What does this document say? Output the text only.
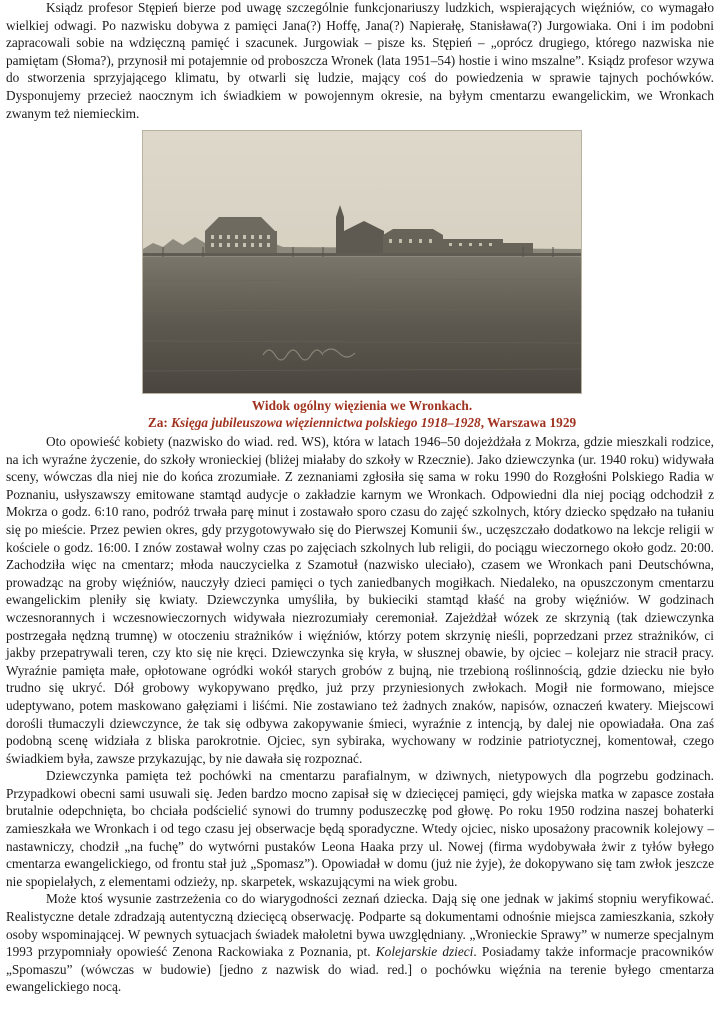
Ksiądz profesor Stępień bierze pod uwagę szczególnie funkcjonariuszy ludzkich, wspierających więźniów, co wymagało wielkiej odwagi. Po nazwisku dobywa z pamięci Jana(?) Hoffę, Jana(?) Napierałę, Stanisława(?) Jurgowiaka. Oni i im podobni zapracowali sobie na wdzięczną pamięć i szacunek. Jurgowiak – pisze ks. Stępień – „oprócz drugiego, którego nazwiska nie pamiętam (Słoma?), przynosił mi potajemnie od proboszcza Wronek (lata 1951–54) hostie i wino mszalne”. Ksiądz profesor wzywa do stworzenia sprzyjającego klimatu, by otwarli się ludzie, mający coś do powiedzenia w sprawie tajnych pochówków. Dysponujemy przecież naocznym ich świadkiem w powojennym okresie, na byłym cmentarzu ewangelickim, we Wronkach zwanym też niemieckim.

Widok ogólny więzienia we Wronkach.
Za: Księga jubileuszowa więziennictwa polskiego 1918–1928, Warszawa 1929

Oto opowieść kobiety (nazwisko do wiad. red. WS), która w latach 1946–50 dojeżdżała z Mokrza, gdzie mieszkali rodzice, na ich wyraźne życzenie, do szkoły wronieckiej (bliżej miałaby do szkoły w Rzecznie). Jako dziewczynka (ur. 1940 roku) widywała sceny, wówczas dla niej nie do końca zrozumiałe. Z zeznaniami zgłosiła się sama w roku 1990 do Rozgłośni Polskiego Radia w Poznaniu, usłyszawszy emitowane stamtąd audycje o zakładzie karnym we Wronkach. Odpowiedni dla niej pociąg odchodził z Mokrza o godz. 6:10 rano, podróż trwała parę minut i zostawało sporo czasu do zajęć szkolnych, który dziecko spędzało na tułaniu się po mieście. Przez pewien okres, gdy przygotowywało się do Pierwszej Komunii św., uczęszczało dodatkowo na lekcje religii w kościele o godz. 16:00. I znów zostawał wolny czas po zajęciach szkolnych lub religii, do pociągu wieczornego około godz. 20:00. Zachodziła więc na cmentarz; młoda nauczycielka z Szamotuł (nazwisko uleciało), czasem we Wronkach pani Deutschówna, prowadząc na groby więźniów, nauczyły dzieci pamięci o tych zaniedbanych mogiłkach. Niedaleko, na opuszczonym cmentarzu ewangelickim pleniły się kwiaty. Dziewczynka umyśliła, by bukieciki stamtąd kłaść na groby więźniów. W godzinach wczesnorannych i wczesnowieczornych widywała niezrozumiały ceremoniał. Zajeżdżał wózek ze skrzynią (tak dziewczynka postrzegała nędzną trumnę) w otoczeniu strażników i więźniów, którzy potem skrzynię nieśli, poprzedzani przez strażników, ci jakby przepatrywali teren, czy kto się nie kręci. Dziewczynka się kryła, w słusznej obawie, by ojciec – kolejarz nie stracił pracy. Wyraźnie pamięta małe, opłotowane ogródki wokół starych grobów z bujną, nie trzebioną roślinnością, gdzie dziecku nie było trudno się ukryć. Dół grobowy wykopywano prędko, już przy przyniesionych zwłokach. Mogił nie formowano, miejsce udeptywano, potem maskowano gałęziami i liśćmi. Nie zostawiano też żadnych znaków, napisów, oznaczeń kwatery. Miejscowi dorośli tłumaczyli dziewczynce, że tak się odbywa zakopywanie śmieci, wyraźnie z intencją, by dalej nie opowiadała. Ona zaś podobną scenę widziała z bliska parokrotnie. Ojciec, syn sybiraka, wychowany w rodzinie patriotycznej, komentował, czego świadkiem była, zawsze przykazując, by nie dawała się rozpoznać.

Dziewczynka pamięta też pochówki na cmentarzu parafialnym, w dziwnych, nietypowych dla pogrzebu godzinach. Przypadkowi obecni sami usuwali się. Jeden bardzo mocno zapisał się w dziecięcej pamięci, gdy wiejska matka w zapasce została brutalnie odepchnięta, bo chciała podścielić synowi do trumny poduszeczkę pod głowę. Po roku 1950 rodzina naszej bohaterki zamieszkała we Wronkach i od tego czasu jej obserwacje będą sporadyczne. Wtedy ojciec, nisko uposażony pracownik kolejowy – nastawniczy, chodził „na fuchę” do wytwórni pustaków Leona Haaka przy ul. Nowej (firma wydobywała żwir z tyłów byłego cmentarza ewangelickiego, od frontu stał już „Spomasz”). Opowiadał w domu (już nie żyje), że dokopywano się tam zwłok jeszcze nie spopielałych, z elementami odzieży, np. skarpetek, wskazującymi na wiek grobu.

Może ktoś wysunie zastrzeżenia co do wiarygodności zeznań dziecka. Dają się one jednak w jakimś stopniu weryfikować. Realistyczne detale zdradzają autentyczną dziecięcą obserwację. Podparte są dokumentami odnośnie miejsca zamieszkania, szkoły osoby wspominającej. W pewnych sytuacjach świadek małoletni bywa uwzględniany. „Wronieckie Sprawy” w numerze specjalnym 1993 przypomniały opowieść Zenona Rackowiaka z Poznania, pt. Kolejarskie dzieci. Posiadamy także informacje pracowników „Spomaszu” (wówczas w budowie) [jedno z nazwisk do wiad. red.] o pochówku więźnia na terenie byłego cmentarza ewangelickiego nocą.
